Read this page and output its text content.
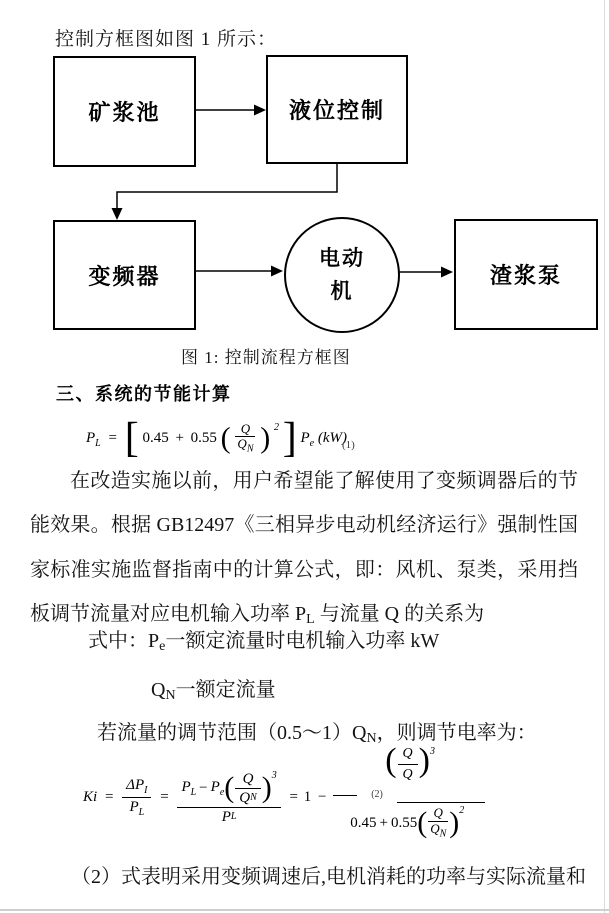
控制方框图如图 1 所示：
矿浆池	液位控制
变频器
电动
机
渣浆泵
图 1: 控制流程方框图
三、系统的节能计算
$P_L$ = [ 0.45 + 0.55 ( $\frac{Q}{Q_N}$ ) $^2$ ] $P_e$ (kW)
(1)
在改造实施以前，用户希望能了解使用了变频调器后的节
能效果。根据 GB12497《三相异步电动机经济运行》强制性国
家标准实施监督指南中的计算公式，即：风机、泵类，采用挡
板调节流量对应电机输入功率 PL 与流量 Q 的关系为
式中：Pe一额定流量时电机输入功率 kW
QN一额定流量
若流量的调节范围（0.5～1）QN，则调节电率为：
Ki =
$\Delta P_I$
$P_L$
=
$P_L - P_e$ ( Q
Q N ) 3
P L
= 1 −	(2)
( Q
Q ) 3
0.45 + 0.55 ( Q
$Q_N$ ) 2
（2）式表明采用变频调速后,电机消耗的功率与实际流量和
